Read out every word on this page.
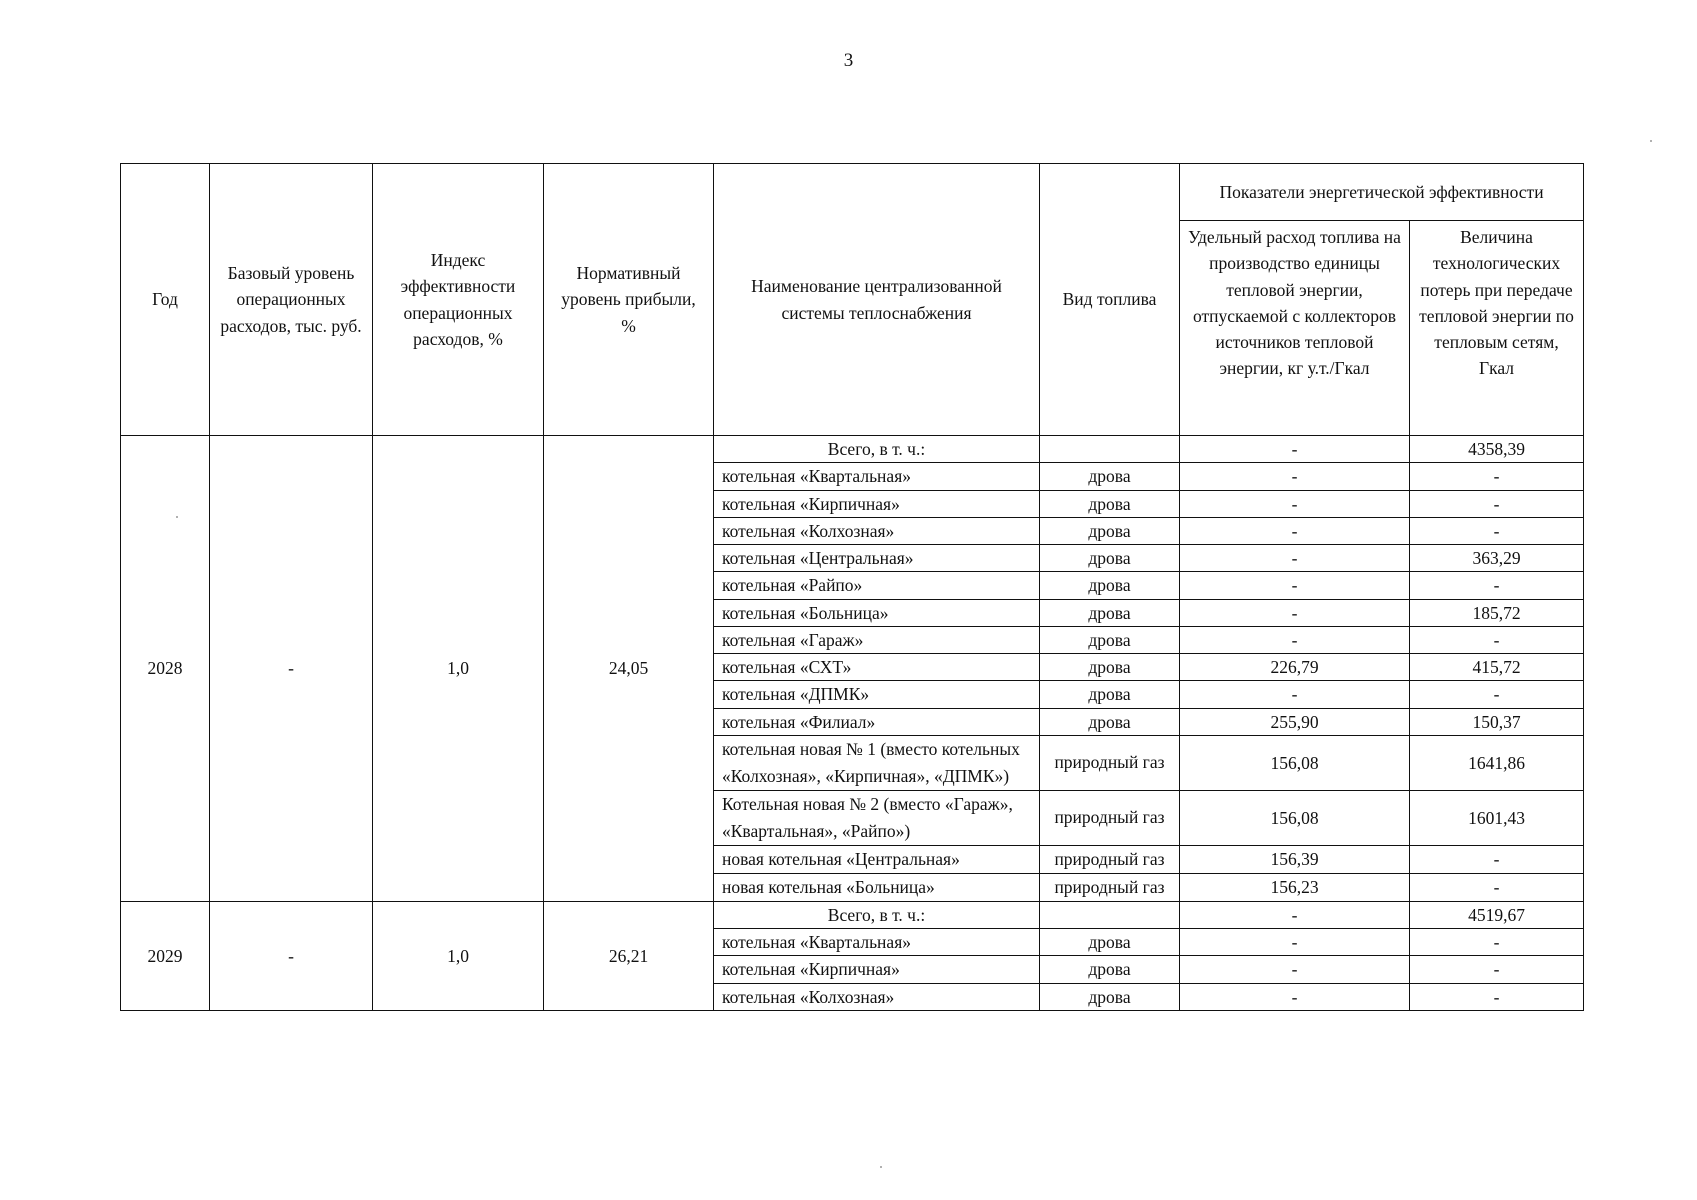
3
Год	Базовый уровень операционных расходов, тыс. руб.	Индекс эффективности операционных расходов, %	Нормативный уровень прибыли, %	Наименование централизованной системы теплоснабжения	Вид топлива	Показатели энергетической эффективности	
						Удельный расход топлива на производство единицы тепловой энергии, отпускаемой с коллекторов источников тепловой энергии, кг у.т./Гкал	Величина технологических потерь при передаче тепловой энергии по тепловым сетям, Гкал
2028	-	1,0	24,05	Всего, в т. ч.:		-	4358,39
				котельная «Квартальная»	дрова	-	-
				котельная «Кирпичная»	дрова	-	-
				котельная «Колхозная»	дрова	-	-
				котельная «Центральная»	дрова	-	363,29
				котельная «Райпо»	дрова	-	-
				котельная «Больница»	дрова	-	185,72
				котельная «Гараж»	дрова	-	-
				котельная «СХТ»	дрова	226,79	415,72
				котельная «ДПМК»	дрова	-	-
				котельная «Филиал»	дрова	255,90	150,37
				котельная новая № 1 (вместо котельных «Колхозная», «Кирпичная», «ДПМК»)	природный газ	156,08	1641,86
				Котельная новая № 2 (вместо «Гараж», «Квартальная», «Райпо»)	природный газ	156,08	1601,43
				новая котельная «Центральная»	природный газ	156,39	-
				новая котельная «Больница»	природный газ	156,23	-
2029	-	1,0	26,21	Всего, в т. ч.:		-	4519,67
				котельная «Квартальная»	дрова	-	-
				котельная «Кирпичная»	дрова	-	-
				котельная «Колхозная»	дрова	-	-
